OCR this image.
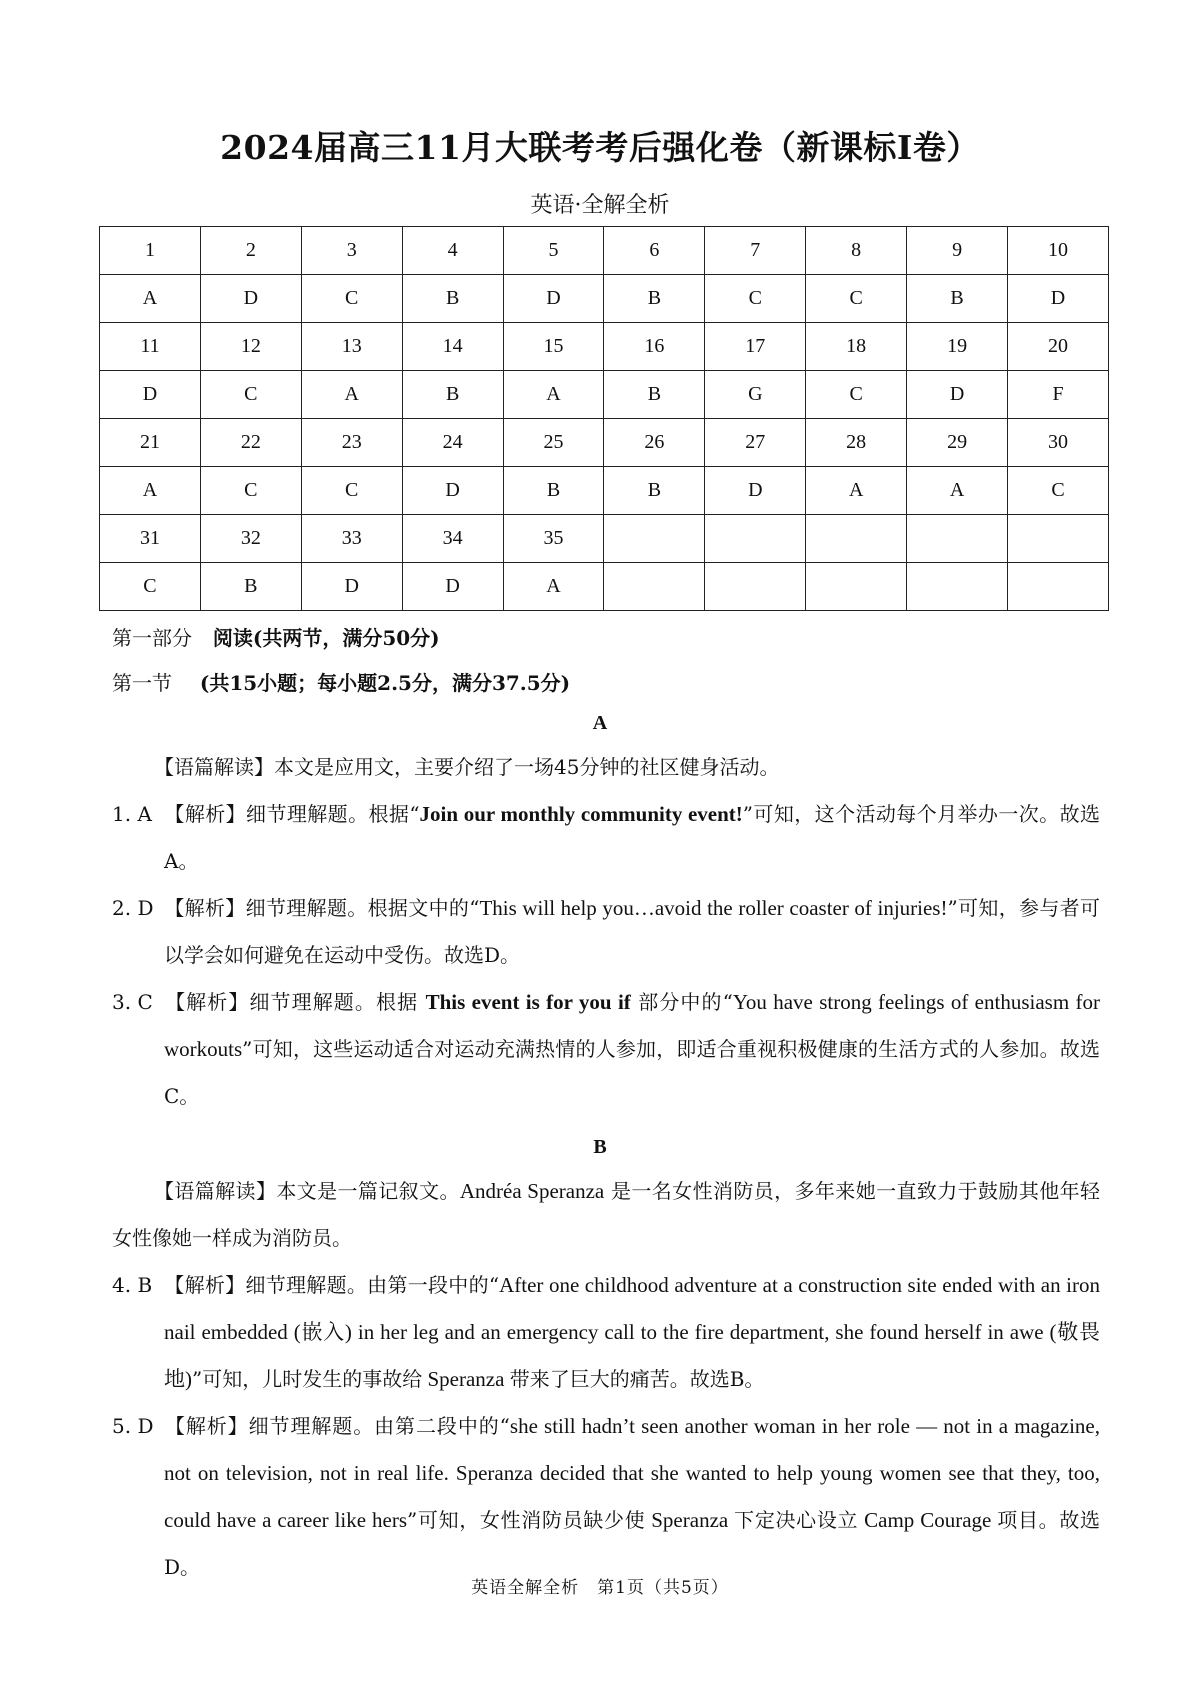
2024届高三11月大联考考后强化卷（新课标I卷）
英语·全解全析
1	2	3	4	5	6	7	8	9	10
A	D	C	B	D	B	C	C	B	D
11	12	13	14	15	16	17	18	19	20
D	C	A	B	A	B	G	C	D	F
21	22	23	24	25	26	27	28	29	30
A	C	C	D	B	B	D	A	A	C
31	32	33	34	35					
C	B	D	D	A					
第一部分 阅读(共两节，满分50分)
第一节 (共15小题；每小题2.5分，满分37.5分)
A
【语篇解读】本文是应用文，主要介绍了一场45分钟的社区健身活动。
1. A 【解析】细节理解题。根据“Join our monthly community event!”可知，这个活动每个月举办一次。故选A。
2. D 【解析】细节理解题。根据文中的“This will help you…avoid the roller coaster of injuries!”可知，参与者可以学会如何避免在运动中受伤。故选D。
3. C 【解析】细节理解题。根据 This event is for you if 部分中的“You have strong feelings of enthusiasm for workouts”可知，这些运动适合对运动充满热情的人参加，即适合重视积极健康的生活方式的人参加。故选C。
B
【语篇解读】本文是一篇记叙文。Andréa Speranza 是一名女性消防员，多年来她一直致力于鼓励其他年轻女性像她一样成为消防员。
4. B 【解析】细节理解题。由第一段中的“After one childhood adventure at a construction site ended with an iron nail embedded (嵌入) in her leg and an emergency call to the fire department, she found herself in awe (敬畏地)”可知，儿时发生的事故给 Speranza 带来了巨大的痛苦。故选B。
5. D 【解析】细节理解题。由第二段中的“she still hadn’t seen another woman in her role — not in a magazine, not on television, not in real life. Speranza decided that she wanted to help young women see that they, too, could have a career like hers”可知，女性消防员缺少使 Speranza 下定决心设立 Camp Courage 项目。故选D。
英语全解全析　第1页（共5页）
